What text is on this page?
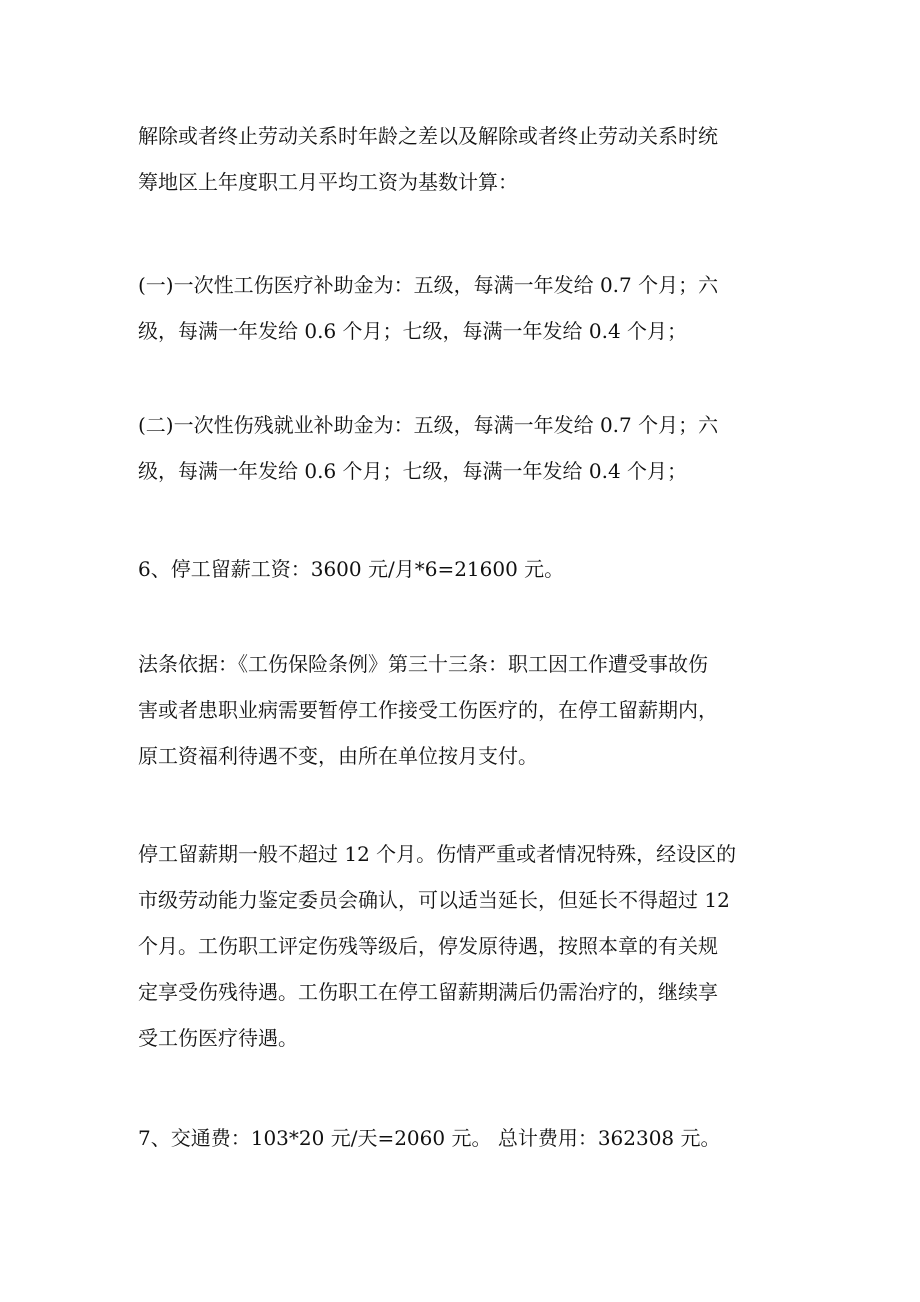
解除或者终止劳动关系时年龄之差以及解除或者终止劳动关系时统
筹地区上年度职工月平均工资为基数计算：

(一)一次性工伤医疗补助金为：五级，每满一年发给 0.7 个月；六
级，每满一年发给 0.6 个月；七级，每满一年发给 0.4 个月；

(二)一次性伤残就业补助金为：五级，每满一年发给 0.7 个月；六
级，每满一年发给 0.6 个月；七级，每满一年发给 0.4 个月；

6、停工留薪工资：3600 元/月*6=21600 元。

法条依据：《工伤保险条例》第三十三条：职工因工作遭受事故伤
害或者患职业病需要暂停工作接受工伤医疗的，在停工留薪期内，
原工资福利待遇不变，由所在单位按月支付。

停工留薪期一般不超过 12 个月。伤情严重或者情况特殊，经设区的
市级劳动能力鉴定委员会确认，可以适当延长，但延长不得超过 12
个月。工伤职工评定伤残等级后，停发原待遇，按照本章的有关规
定享受伤残待遇。工伤职工在停工留薪期满后仍需治疗的，继续享
受工伤医疗待遇。

7、交通费：103*20 元/天=2060 元。 总计费用：362308 元。
